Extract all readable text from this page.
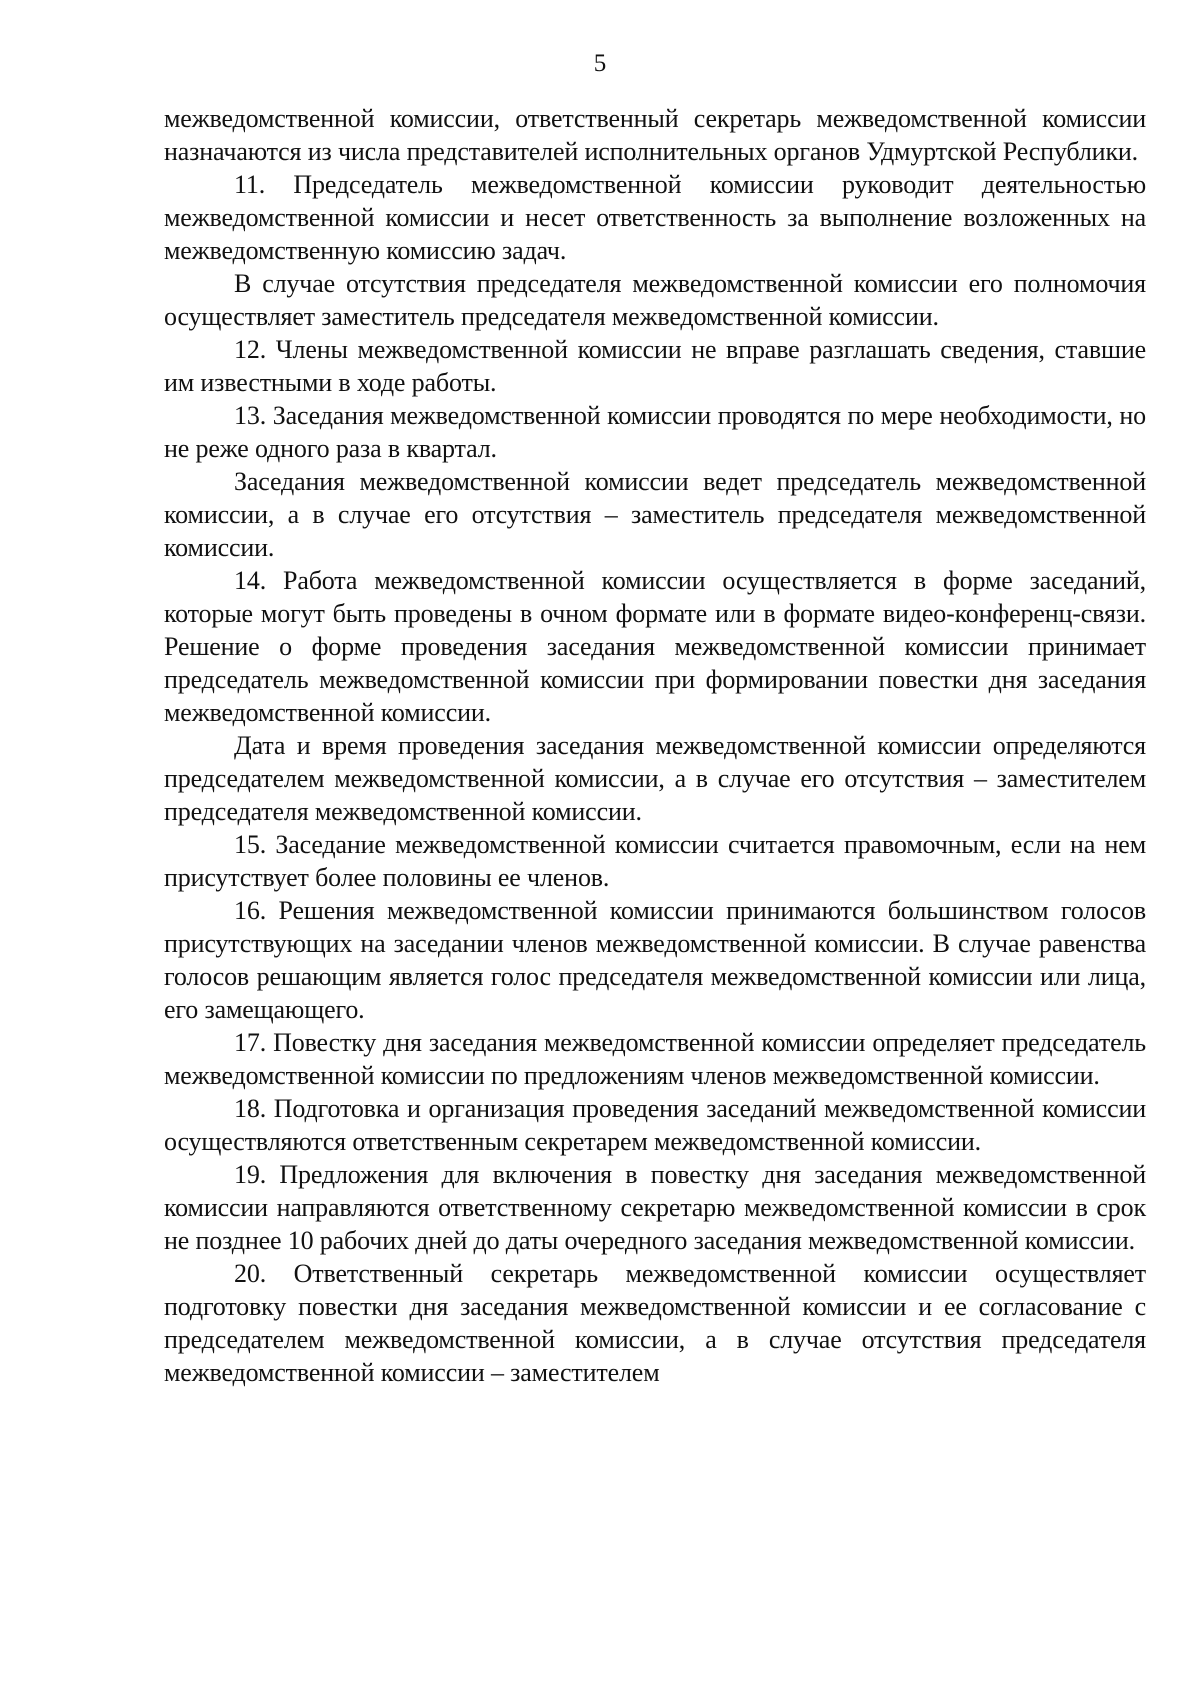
5

межведомственной комиссии, ответственный секретарь межведомственной комиссии назначаются из числа представителей исполнительных органов Удмуртской Республики.

11. Председатель межведомственной комиссии руководит деятельностью межведомственной комиссии и несет ответственность за выполнение возложенных на межведомственную комиссию задач.

В случае отсутствия председателя межведомственной комиссии его полномочия осуществляет заместитель председателя межведомственной комиссии.

12. Члены межведомственной комиссии не вправе разглашать сведения, ставшие им известными в ходе работы.

13. Заседания межведомственной комиссии проводятся по мере необходимости, но не реже одного раза в квартал.

Заседания межведомственной комиссии ведет председатель межведомственной комиссии, а в случае его отсутствия – заместитель председателя межведомственной комиссии.

14. Работа межведомственной комиссии осуществляется в форме заседаний, которые могут быть проведены в очном формате или в формате видео-конференц-связи. Решение о форме проведения заседания межведомственной комиссии принимает председатель межведомственной комиссии при формировании повестки дня заседания межведомственной комиссии.

Дата и время проведения заседания межведомственной комиссии определяются председателем межведомственной комиссии, а в случае его отсутствия – заместителем председателя межведомственной комиссии.

15. Заседание межведомственной комиссии считается правомочным, если на нем присутствует более половины ее членов.

16. Решения межведомственной комиссии принимаются большинством голосов присутствующих на заседании членов межведомственной комиссии. В случае равенства голосов решающим является голос председателя межведомственной комиссии или лица, его замещающего.

17. Повестку дня заседания межведомственной комиссии определяет председатель межведомственной комиссии по предложениям членов межведомственной комиссии.

18. Подготовка и организация проведения заседаний межведомственной комиссии осуществляются ответственным секретарем межведомственной комиссии.

19. Предложения для включения в повестку дня заседания межведомственной комиссии направляются ответственному секретарю межведомственной комиссии в срок не позднее 10 рабочих дней до даты очередного заседания межведомственной комиссии.

20. Ответственный секретарь межведомственной комиссии осуществляет подготовку повестки дня заседания межведомственной комиссии и ее согласование с председателем межведомственной комиссии, а в случае отсутствия председателя межведомственной комиссии – заместителем
